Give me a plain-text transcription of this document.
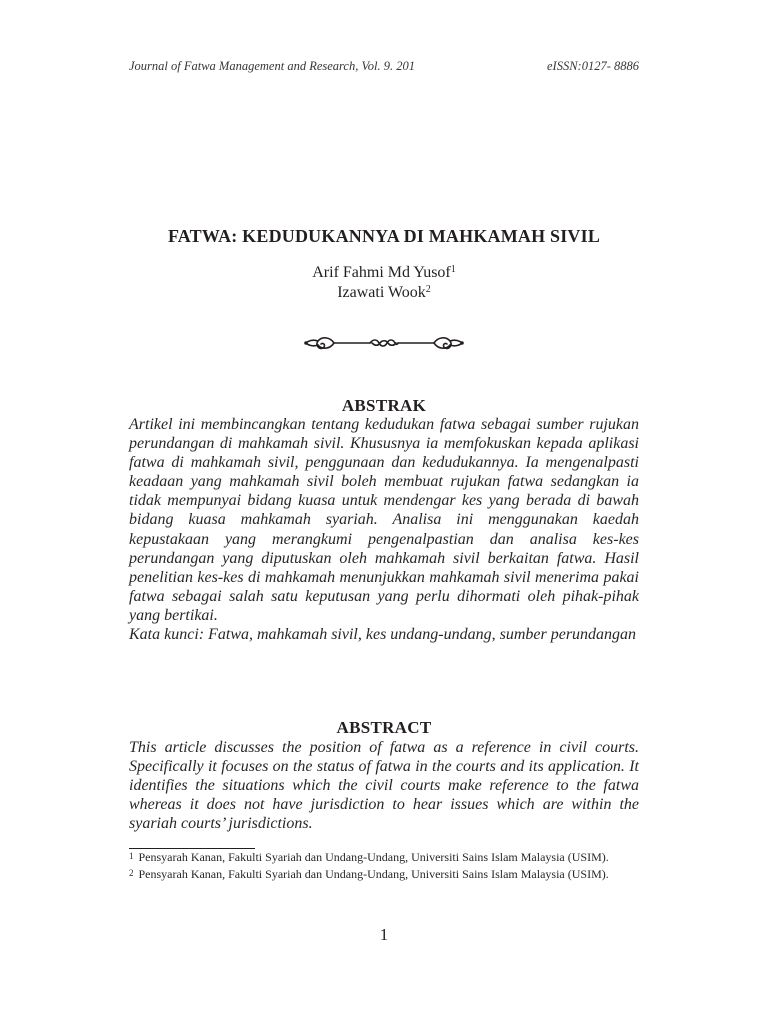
Journal of Fatwa Management and Research, Vol. 9. 201	eISSN:0127- 8886
FATWA: KEDUDUKANNYA DI MAHKAMAH SIVIL
Arif Fahmi Md Yusof$^1$
Izawati Wook$^2$
ABSTRAK

Artikel ini membincangkan tentang kedudukan fatwa sebagai sumber rujukan perundangan di mahkamah sivil. Khususnya ia memfokuskan kepada aplikasi fatwa di mahkamah sivil, penggunaan dan kedudukannya. Ia mengenalpasti keadaan yang mahkamah sivil boleh membuat rujukan fatwa sedangkan ia tidak mempunyai bidang kuasa untuk mendengar kes yang berada di bawah bidang kuasa mahkamah syariah. Analisa ini menggunakan kaedah kepustakaan yang merangkumi pengenalpastian dan analisa kes-kes perundangan yang diputuskan oleh mahkamah sivil berkaitan fatwa. Hasil penelitian kes-kes di mahkamah menunjukkan mahkamah sivil menerima pakai fatwa sebagai salah satu keputusan yang perlu dihormati oleh pihak-pihak yang bertikai.

Kata kunci: Fatwa, mahkamah sivil, kes undang-undang, sumber perundangan

ABSTRACT

This article discusses the position of fatwa as a reference in civil courts. Specifically it focuses on the status of fatwa in the courts and its application. It identifies the situations which the civil courts make reference to the fatwa whereas it does not have jurisdiction to hear issues which are within the syariah courts’ jurisdictions.

$^1$ Pensyarah Kanan, Fakulti Syariah dan Undang-Undang, Universiti Sains Islam Malaysia (USIM).
$^2$ Pensyarah Kanan, Fakulti Syariah dan Undang-Undang, Universiti Sains Islam Malaysia (USIM).
1
